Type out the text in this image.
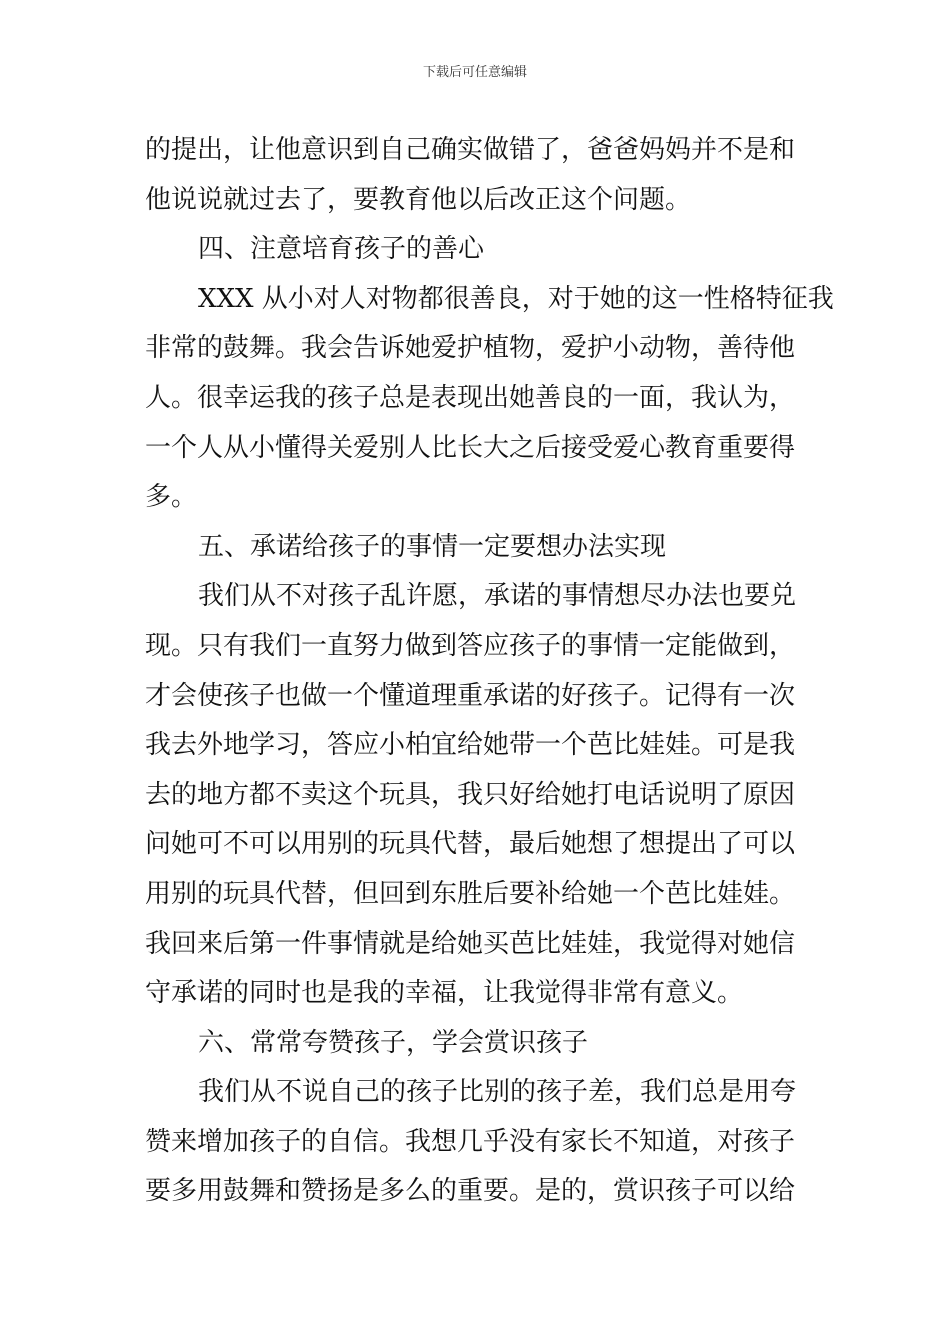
下载后可任意编辑
的提出，让他意识到自己确实做错了，爸爸妈妈并不是和
他说说就过去了，要教育他以后改正这个问题。
四、注意培育孩子的善心
XXX 从小对人对物都很善良，对于她的这一性格特征我
非常的鼓舞。我会告诉她爱护植物，爱护小动物，善待他
人。很幸运我的孩子总是表现出她善良的一面，我认为，
一个人从小懂得关爱别人比长大之后接受爱心教育重要得
多。
五、承诺给孩子的事情一定要想办法实现
我们从不对孩子乱许愿，承诺的事情想尽办法也要兑
现。只有我们一直努力做到答应孩子的事情一定能做到，
才会使孩子也做一个懂道理重承诺的好孩子。记得有一次
我去外地学习，答应小柏宜给她带一个芭比娃娃。可是我
去的地方都不卖这个玩具，我只好给她打电话说明了原因
问她可不可以用别的玩具代替，最后她想了想提出了可以
用别的玩具代替，但回到东胜后要补给她一个芭比娃娃。
我回来后第一件事情就是给她买芭比娃娃，我觉得对她信
守承诺的同时也是我的幸福，让我觉得非常有意义。
六、常常夸赞孩子，学会赏识孩子
我们从不说自己的孩子比别的孩子差，我们总是用夸
赞来增加孩子的自信。我想几乎没有家长不知道，对孩子
要多用鼓舞和赞扬是多么的重要。是的，赏识孩子可以给
